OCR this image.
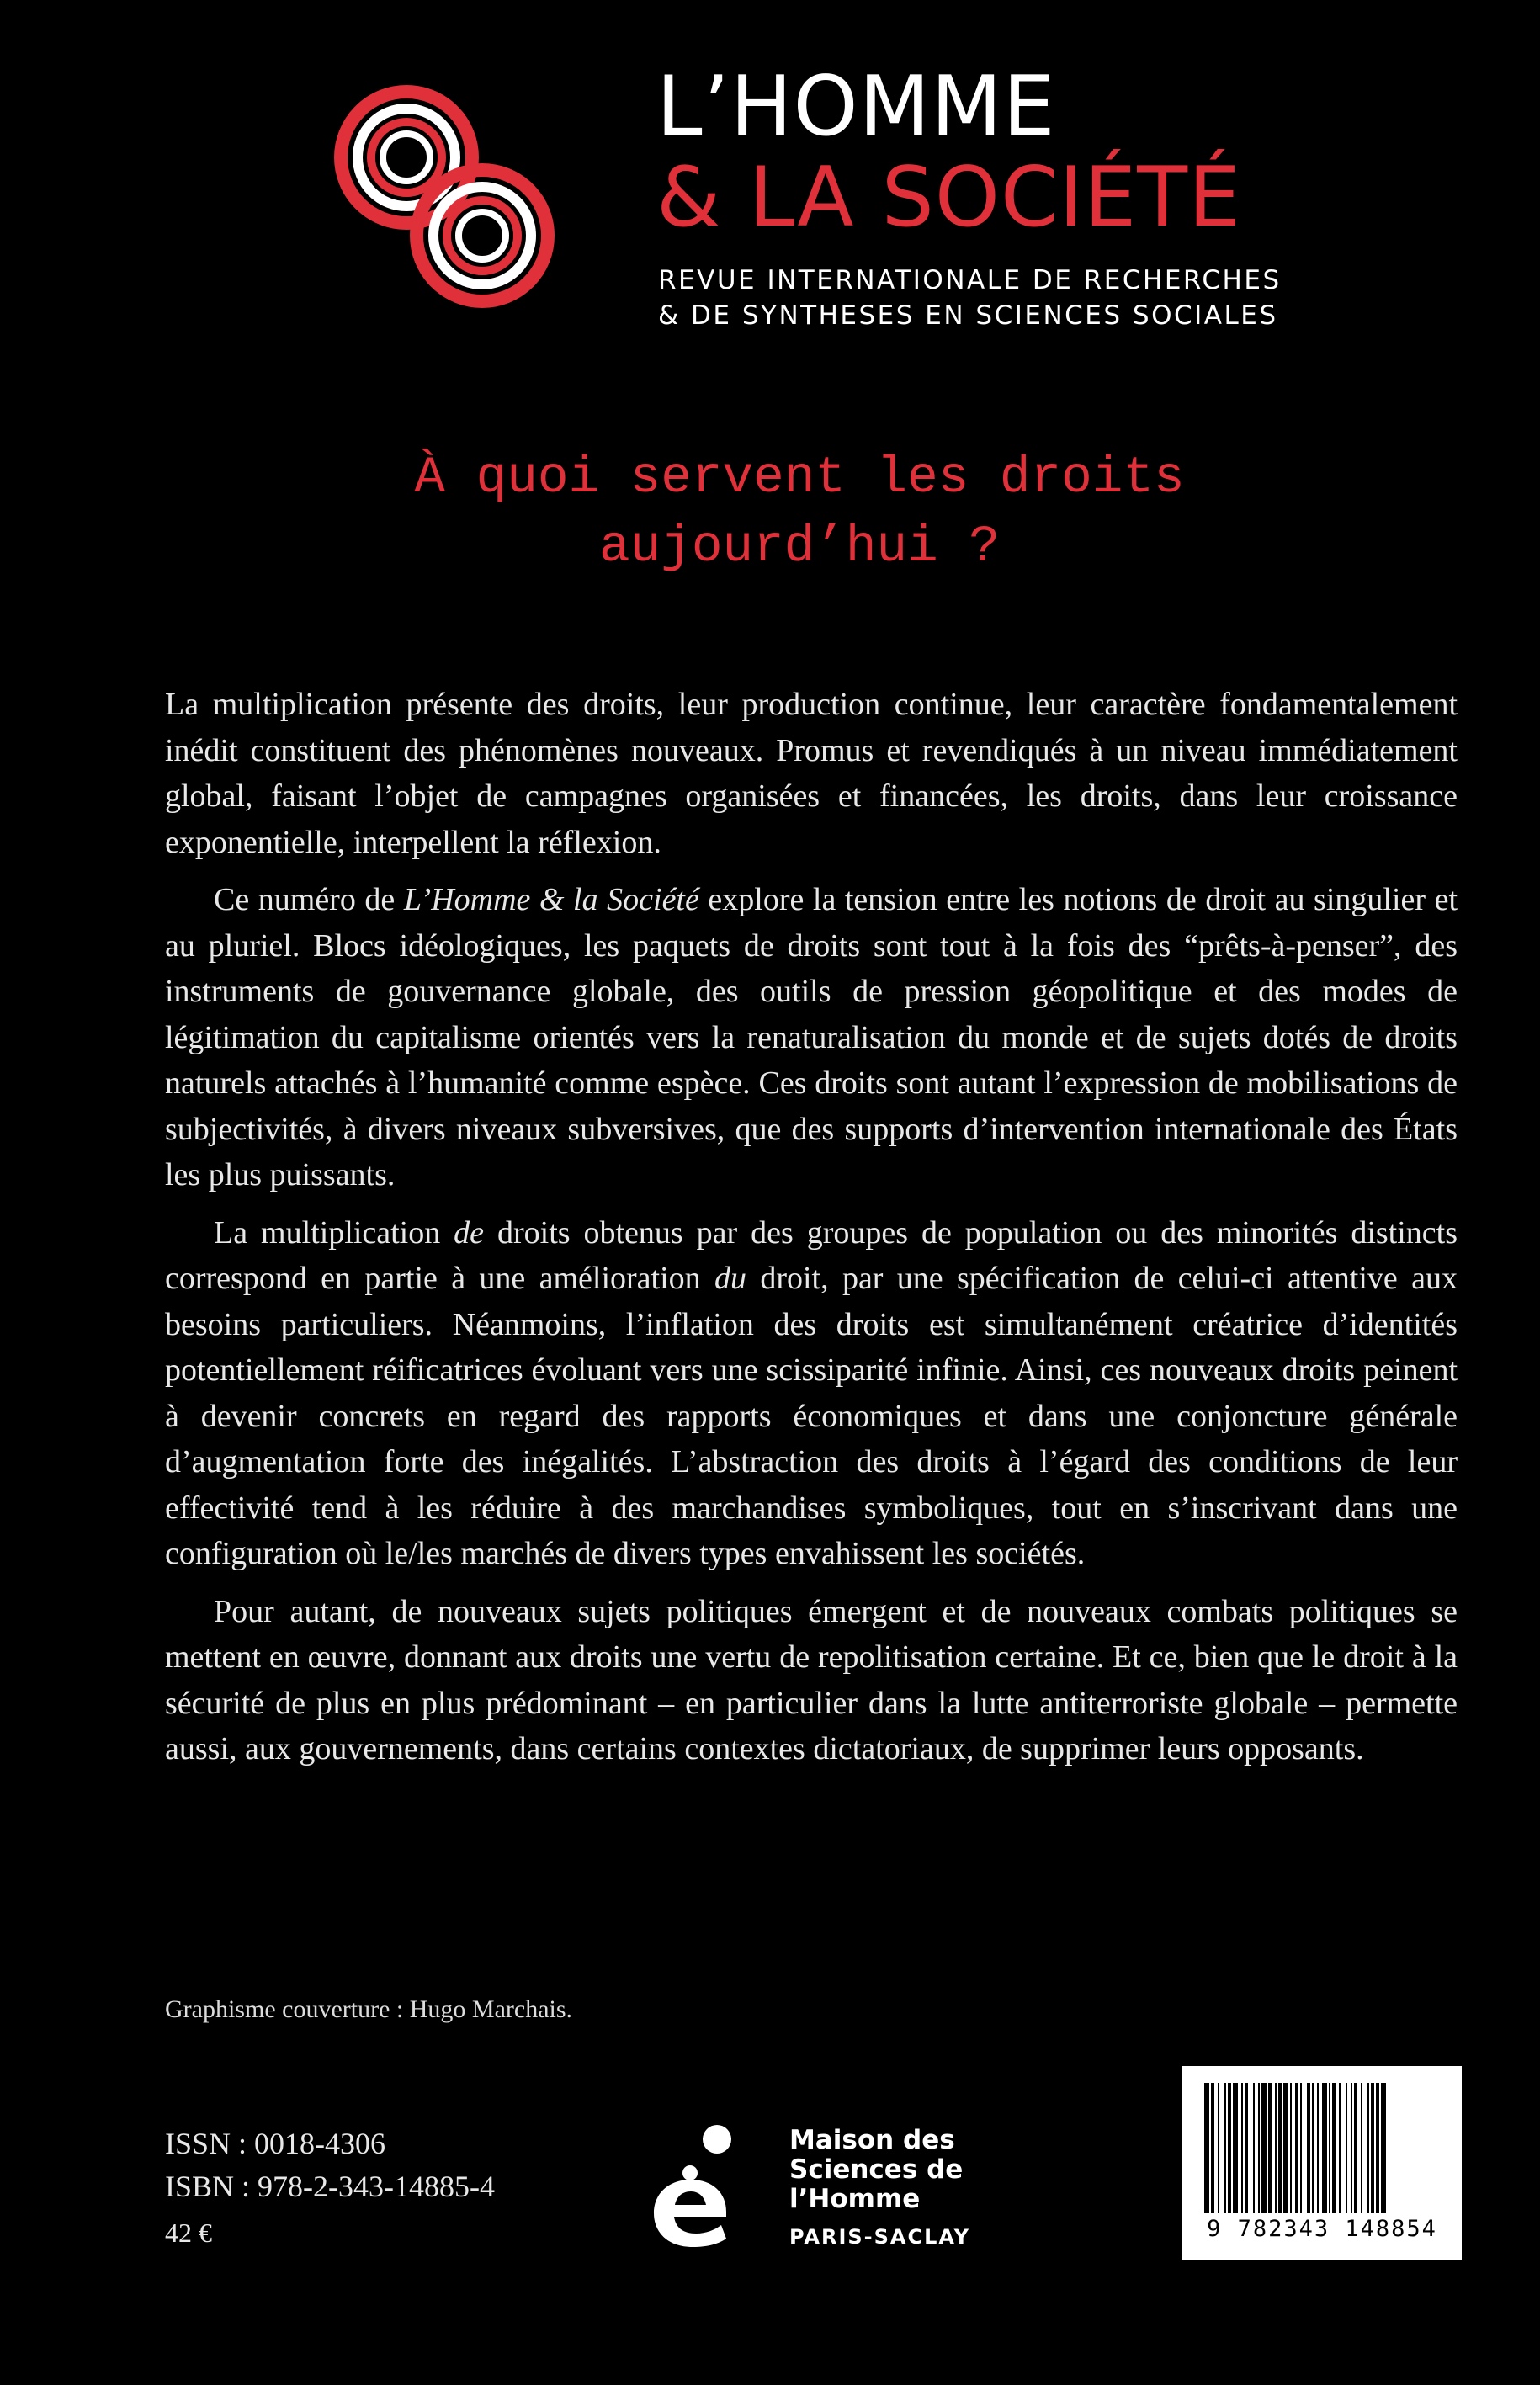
L’HOMME
& LA SOCIÉTÉ
REVUE INTERNATIONALE DE RECHERCHES
& DE SYNTHESES EN SCIENCES SOCIALES
À quoi servent les droits
aujourd’hui ?

La multiplication présente des droits, leur production continue, leur caractère fondamentalement inédit constituent des phénomènes nouveaux. Promus et revendiqués à un niveau immédiatement global, faisant l’objet de campagnes organisées et financées, les droits, dans leur croissance exponentielle, interpellent la réflexion.

Ce numéro de L’Homme & la Société explore la tension entre les notions de droit au singulier et au pluriel. Blocs idéologiques, les paquets de droits sont tout à la fois des “prêts-à-penser”, des instruments de gouvernance globale, des outils de pression géopolitique et des modes de légitimation du capitalisme orientés vers la renaturalisation du monde et de sujets dotés de droits naturels attachés à l’humanité comme espèce. Ces droits sont autant l’expression de mobilisations de subjectivités, à divers niveaux subversives, que des supports d’intervention internationale des États les plus puissants.

La multiplication de droits obtenus par des groupes de population ou des minorités distincts correspond en partie à une amélioration du droit, par une spécification de celui-ci attentive aux besoins particuliers. Néanmoins, l’inflation des droits est simultanément créatrice d’identités potentiellement réificatrices évoluant vers une scissiparité infinie. Ainsi, ces nouveaux droits peinent à devenir concrets en regard des rapports économiques et dans une conjoncture générale d’augmentation forte des inégalités. L’abstraction des droits à l’égard des conditions de leur effectivité tend à les réduire à des marchandises symboliques, tout en s’inscrivant dans une configuration où le/les marchés de divers types envahissent les sociétés.

Pour autant, de nouveaux sujets politiques émergent et de nouveaux combats politiques se mettent en œuvre, donnant aux droits une vertu de repolitisation certaine. Et ce, bien que le droit à la sécurité de plus en plus prédominant – en particulier dans la lutte antiterroriste globale – permette aussi, aux gouvernements, dans certains contextes dictatoriaux, de supprimer leurs opposants.

Graphisme couverture : Hugo Marchais.
ISSN : 0018-4306
ISBN : 978-2-343-14885-4
42 €
Maison des
Sciences de
l’Homme
PARIS-SACLAY	9 782343 148854
